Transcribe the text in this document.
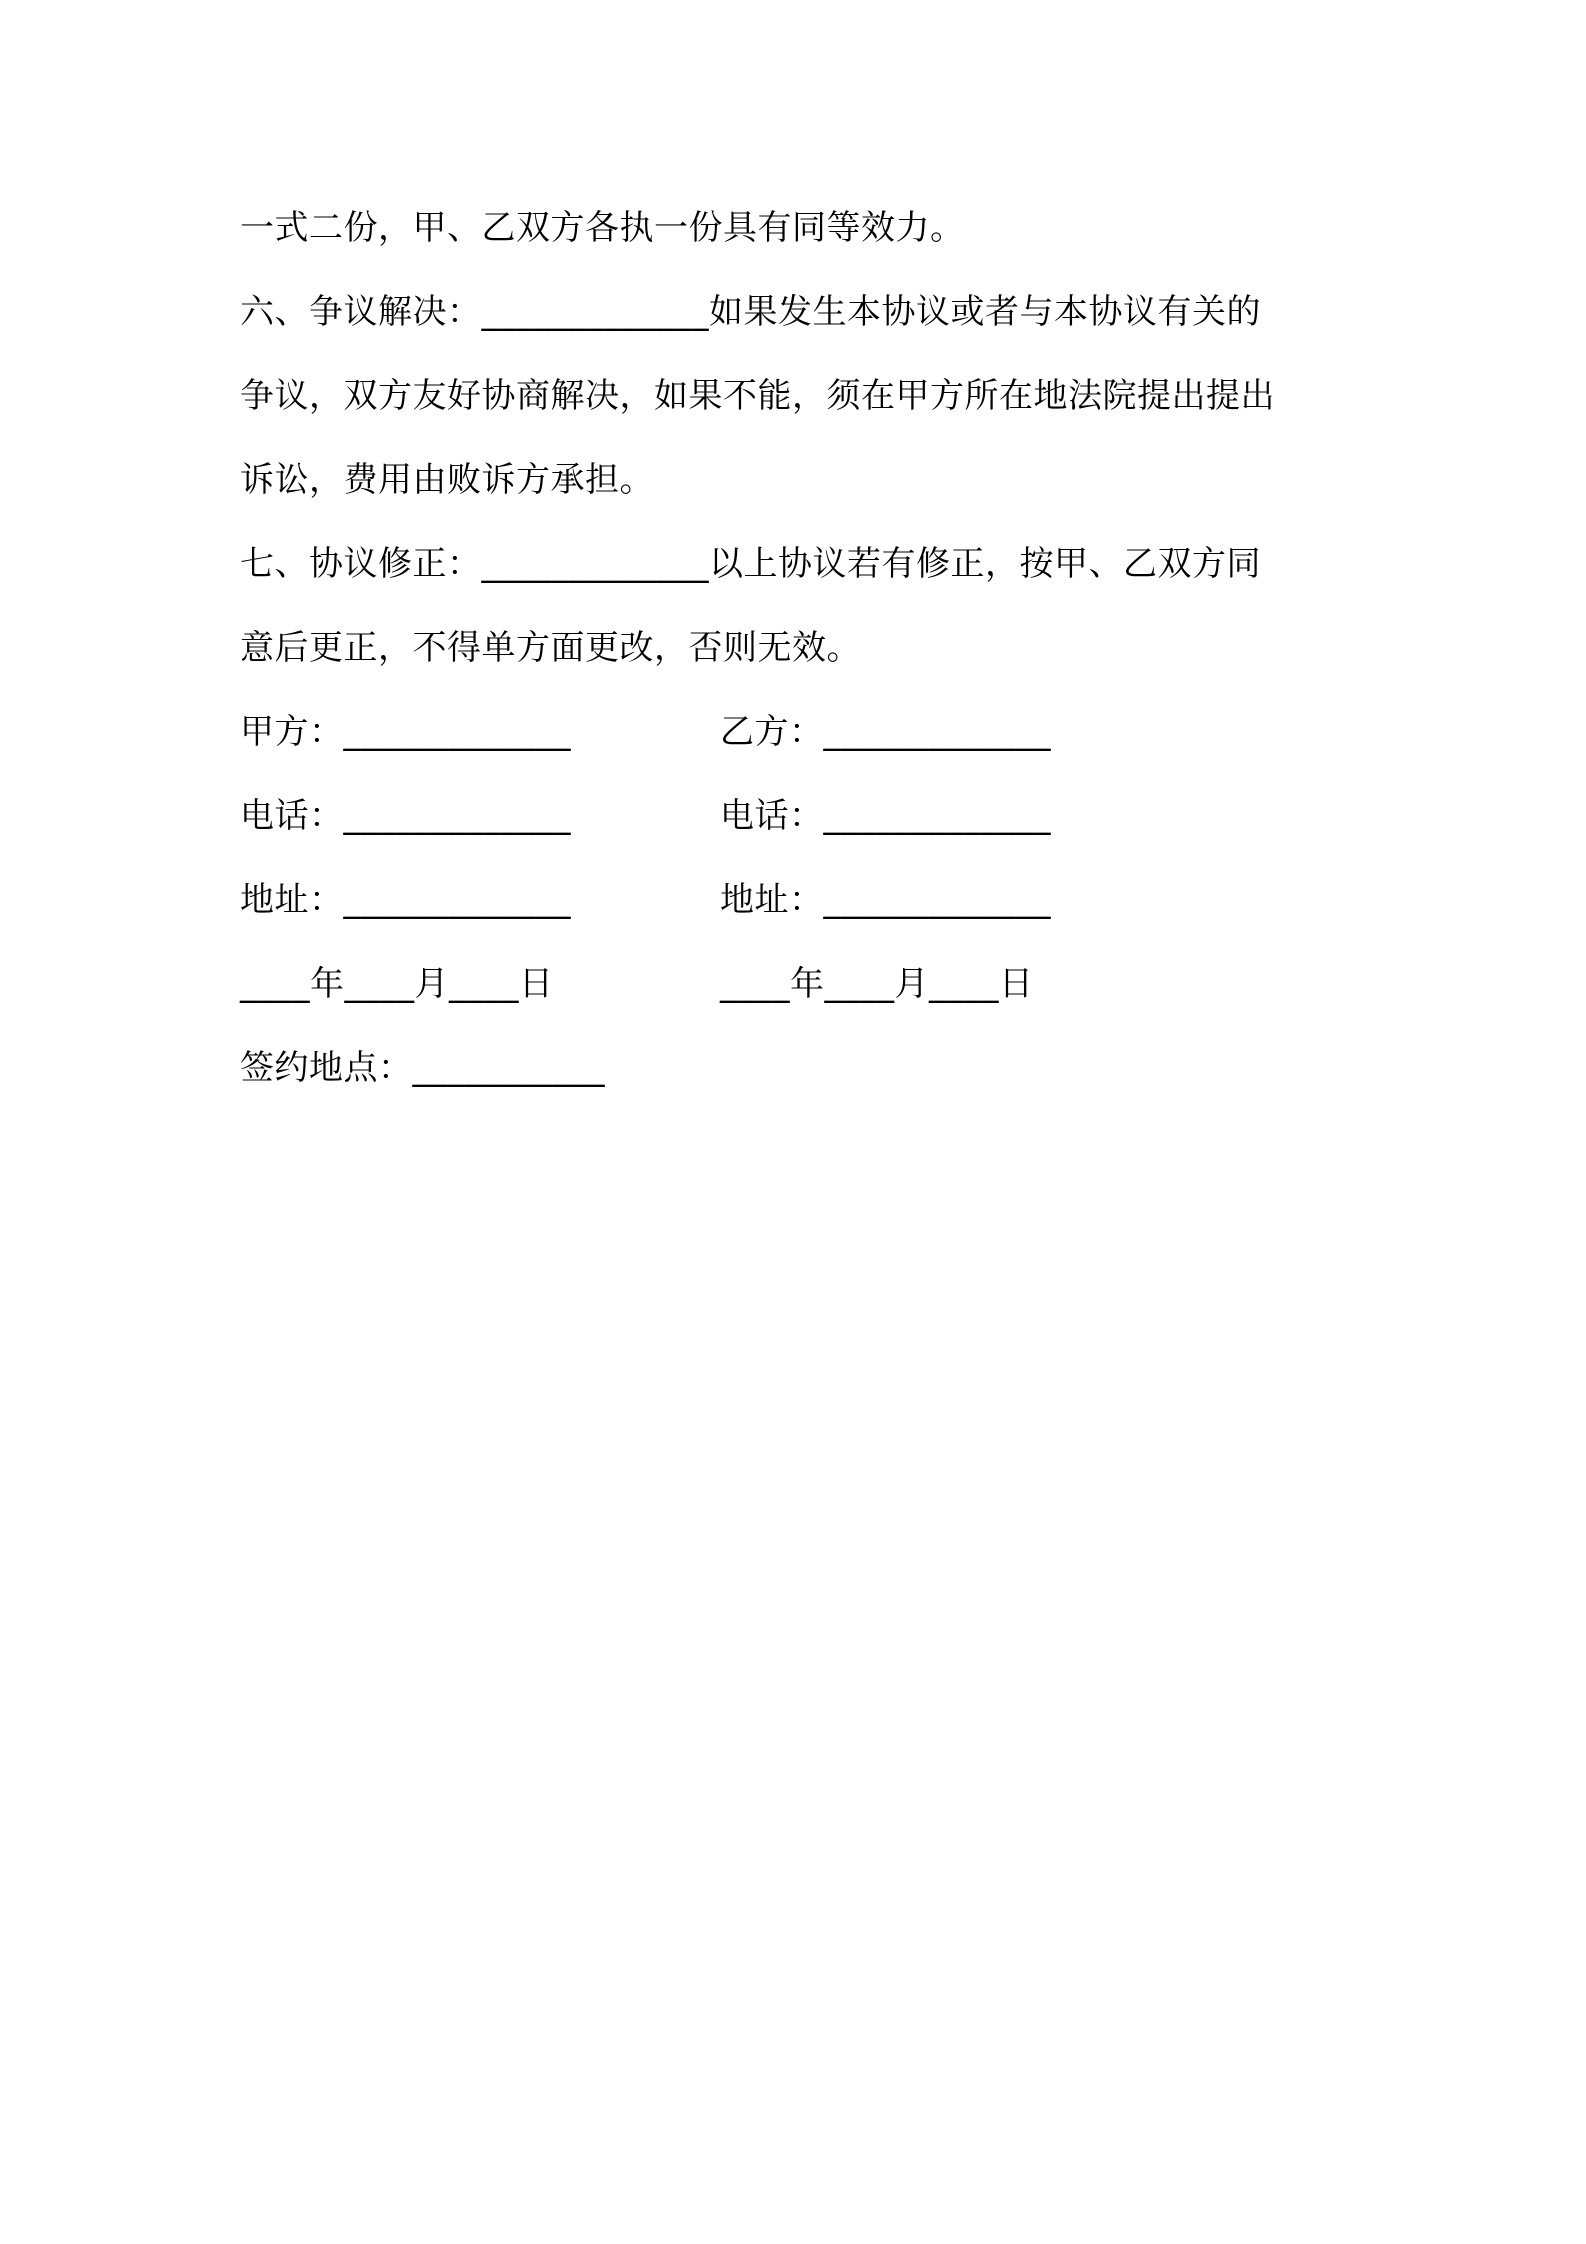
一式二份，甲、乙双方各执一份具有同等效力。
六、争议解决：_____________如果发生本协议或者与本协议有关的
争议，双方友好协商解决，如果不能，须在甲方所在地法院提出提出
诉讼，费用由败诉方承担。
七、协议修正：_____________以上协议若有修正，按甲、乙双方同
意后更正，不得单方面更改，否则无效。
甲方：_____________	乙方：_____________
电话：_____________	电话：_____________
地址：_____________	地址：_____________
____年____月____日	____年____月____日
签约地点：___________
